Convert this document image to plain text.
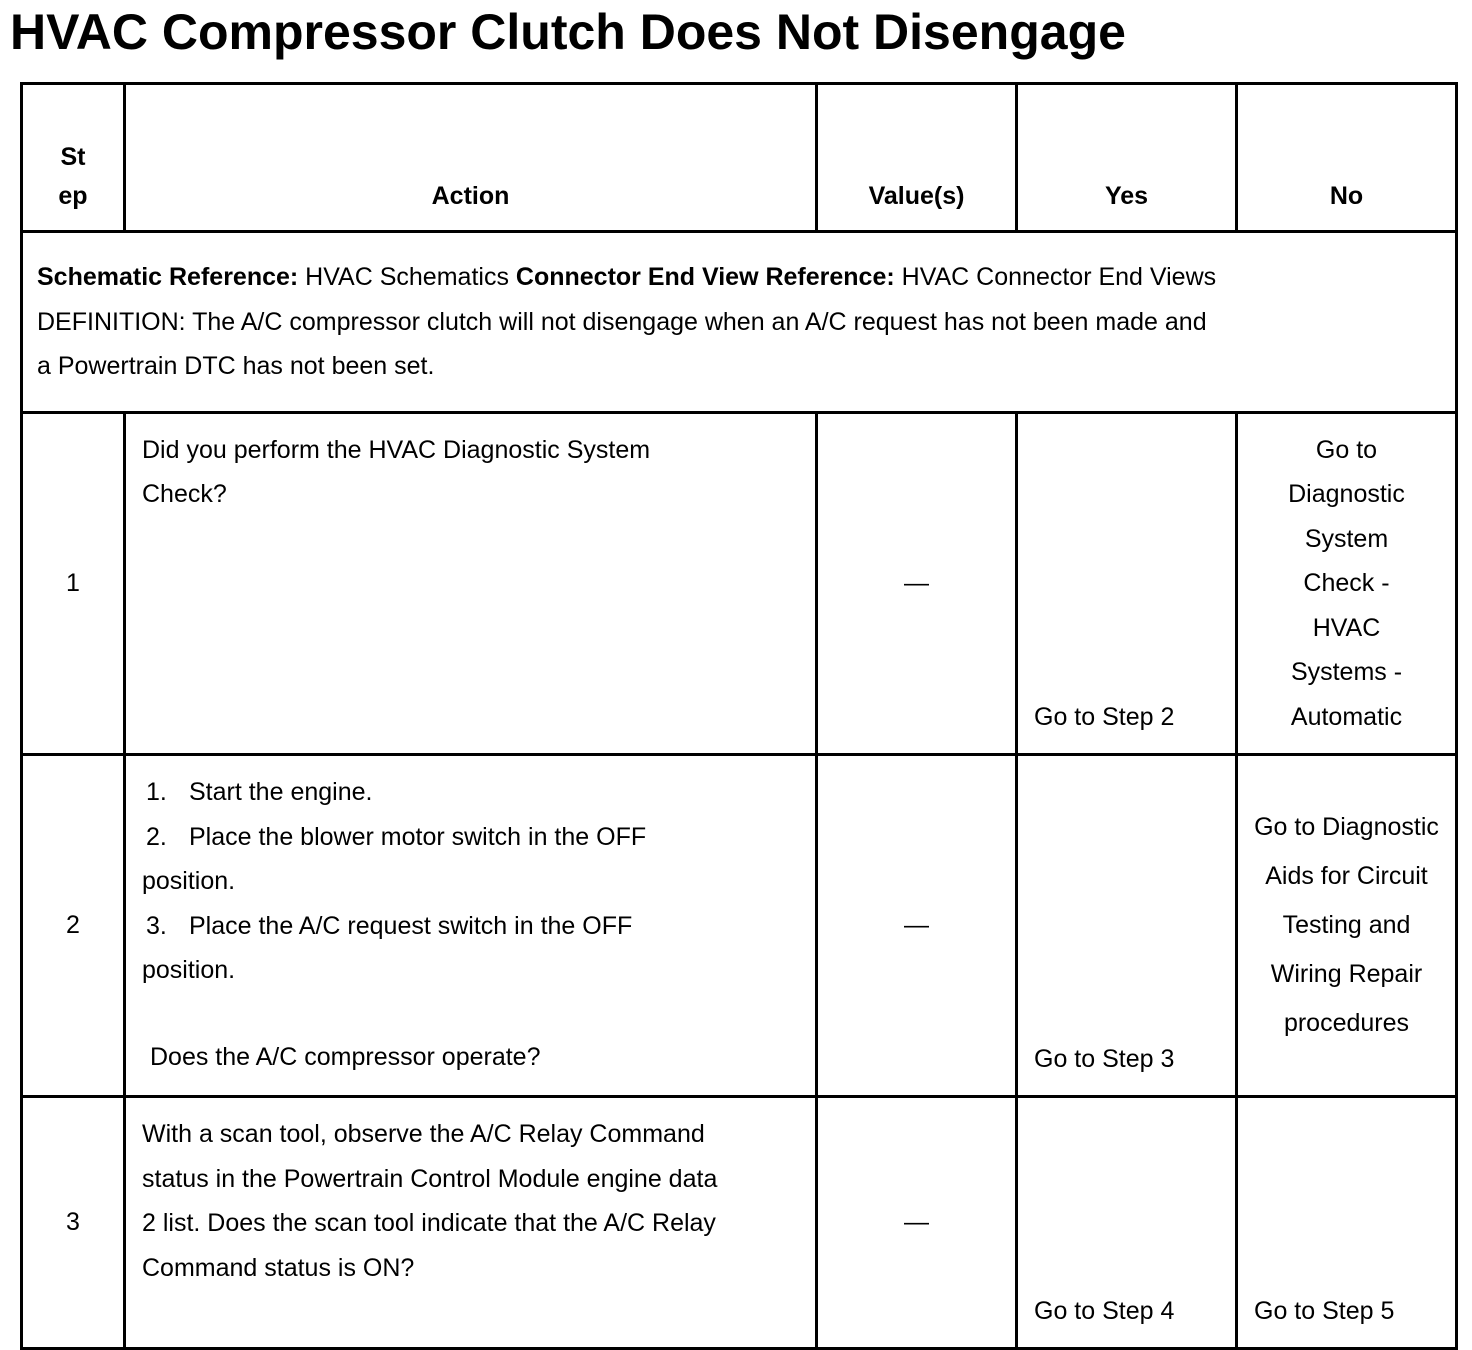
HVAC Compressor Clutch Does Not Disengage
St
ep	Action	Value(s)	Yes	No

Schematic Reference: HVAC Schematics Connector End View Reference: HVAC Connector End Views
DEFINITION: The A/C compressor clutch will not disengage when an A/C request has not been made and
a Powertrain DTC has not been set.				

1	Did you perform the HVAC Diagnostic System Check?	—	Go to Step 2	Go to Diagnostic System Check - HVAC Systems - Automatic
2	1. Start the engine.
2. Place the blower motor switch in the OFF position.
3. Place the A/C request switch in the OFF position.
Does the A/C compressor operate?	—	Go to Step 3	Go to Diagnostic Aids for Circuit Testing and Wiring Repair procedures
3	With a scan tool, observe the A/C Relay Command status in the Powertrain Control Module engine data 2 list. Does the scan tool indicate that the A/C Relay Command status is ON?	—	Go to Step 4	Go to Step 5
